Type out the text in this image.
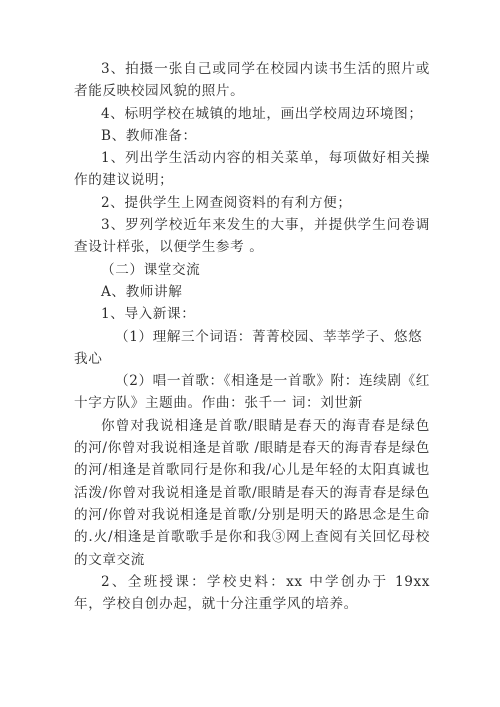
3、拍摄一张自己或同学在校园内读书生活的照片或者能反映校园风貌的照片。

4、标明学校在城镇的地址，画出学校周边环境图；

B、教师准备：

1、列出学生活动内容的相关菜单，每项做好相关操作的建议说明；

2、提供学生上网查阅资料的有利方便；

3、罗列学校近年来发生的大事，并提供学生问卷调查设计样张，以便学生参考 。

（二）课堂交流

A、教师讲解

1、导入新课：

（1）理解三个词语：菁菁校园、莘莘学子、悠悠我心

（2）唱一首歌：《相逢是一首歌》附：连续剧《红十字方队》主题曲。作曲：张千一 词：刘世新

你曾对我说相逢是首歌/眼睛是春天的海青春是绿色的河/你曾对我说相逢是首歌 /眼睛是春天的海青春是绿色的河/相逢是首歌同行是你和我/心儿是年轻的太阳真诚也活泼/你曾对我说相逢是首歌/眼睛是春天的海青春是绿色的河/你曾对我说相逢是首歌/分别是明天的路思念是生命的.火/相逢是首歌歌手是你和我③网上查阅有关回忆母校的文章交流

2、全班授课：学校史料：xx 中学创办于 19xx 年，学校自创办起，就十分注重学风的培养。
